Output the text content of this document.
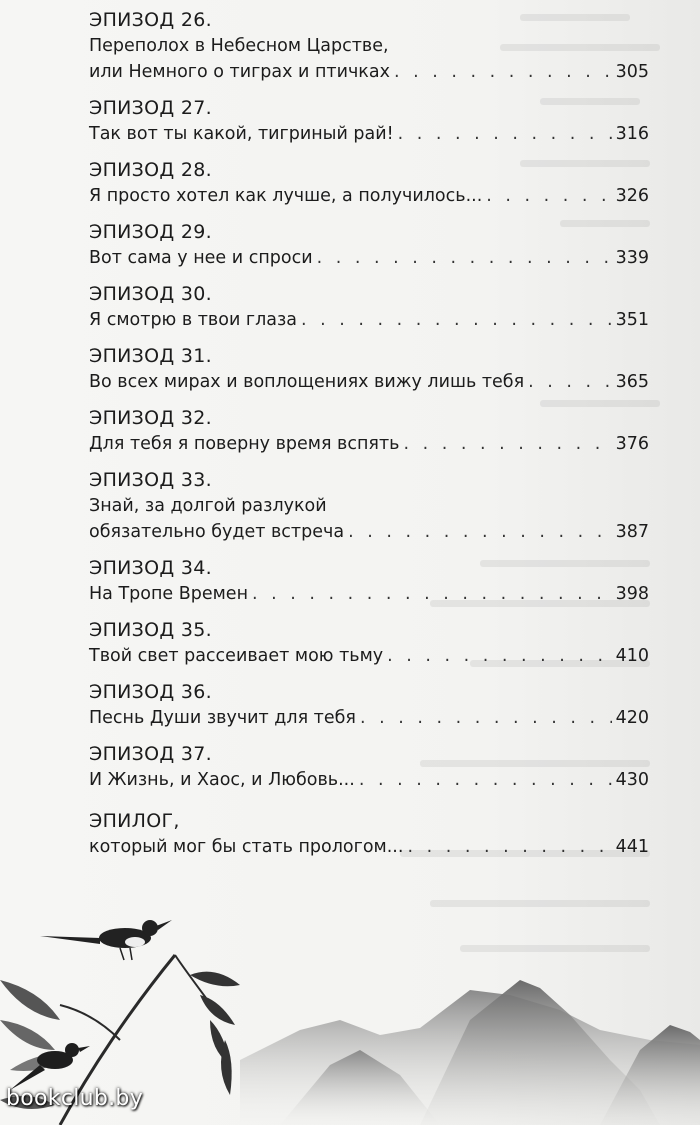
ЭПИЗОД 26.
Переполох в Небесном Царстве,
или Немного о тиграх и птичках . . .	305
ЭПИЗОД 27.
Так вот ты какой, тигриный рай! . . .	316
ЭПИЗОД 28.
Я просто хотел как лучше, а получилось... . . .	326
ЭПИЗОД 29.
Вот сама у нее и спроси . . .	339
ЭПИЗОД 30.
Я смотрю в твои глаза . . .	351
ЭПИЗОД 31.
Во всех мирах и воплощениях вижу лишь тебя . . .	365
ЭПИЗОД 32.
Для тебя я поверну время вспять . . .	376
ЭПИЗОД 33.
Знай, за долгой разлукой
обязательно будет встреча . . .	387
ЭПИЗОД 34.
На Тропе Времен . . .	398
ЭПИЗОД 35.
Твой свет рассеивает мою тьму . . .	410
ЭПИЗОД 36.
Песнь Души звучит для тебя . . .	420
ЭПИЗОД 37.
И Жизнь, и Хаос, и Любовь... . . .	430
ЭПИЛОГ,
который мог бы стать прологом... . . .	441
bookclub.by
